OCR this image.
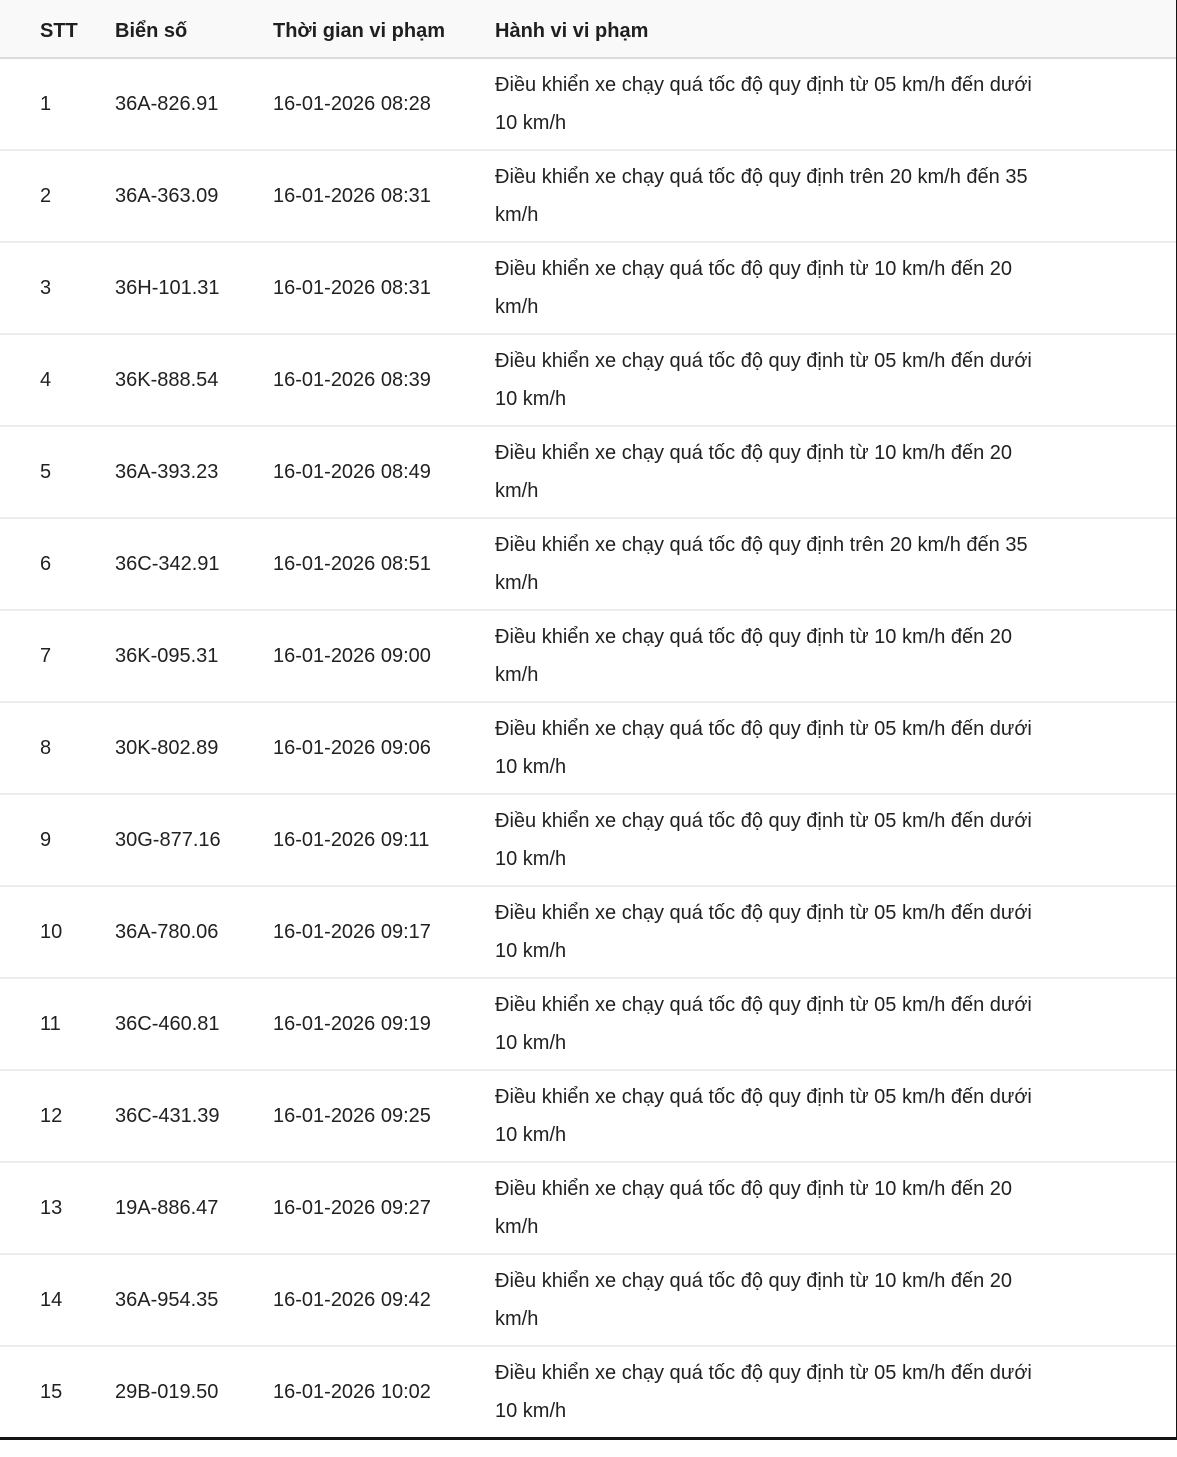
STT	Biển số	Thời gian vi phạm	Hành vi vi phạm
1	36A-826.91	16-01-2026 08:28	Điều khiển xe chạy quá tốc độ quy định từ 05 km/h đến dưới
10 km/h

2	36A-363.09	16-01-2026 08:31	Điều khiển xe chạy quá tốc độ quy định trên 20 km/h đến 35
km/h

3	36H-101.31	16-01-2026 08:31	Điều khiển xe chạy quá tốc độ quy định từ 10 km/h đến 20
km/h

4	36K-888.54	16-01-2026 08:39	Điều khiển xe chạy quá tốc độ quy định từ 05 km/h đến dưới
10 km/h

5	36A-393.23	16-01-2026 08:49	Điều khiển xe chạy quá tốc độ quy định từ 10 km/h đến 20
km/h

6	36C-342.91	16-01-2026 08:51	Điều khiển xe chạy quá tốc độ quy định trên 20 km/h đến 35
km/h

7	36K-095.31	16-01-2026 09:00	Điều khiển xe chạy quá tốc độ quy định từ 10 km/h đến 20
km/h

8	30K-802.89	16-01-2026 09:06	Điều khiển xe chạy quá tốc độ quy định từ 05 km/h đến dưới
10 km/h

9	30G-877.16	16-01-2026 09:11	Điều khiển xe chạy quá tốc độ quy định từ 05 km/h đến dưới
10 km/h

10	36A-780.06	16-01-2026 09:17	Điều khiển xe chạy quá tốc độ quy định từ 05 km/h đến dưới
10 km/h

11	36C-460.81	16-01-2026 09:19	Điều khiển xe chạy quá tốc độ quy định từ 05 km/h đến dưới
10 km/h

12	36C-431.39	16-01-2026 09:25	Điều khiển xe chạy quá tốc độ quy định từ 05 km/h đến dưới
10 km/h

13	19A-886.47	16-01-2026 09:27	Điều khiển xe chạy quá tốc độ quy định từ 10 km/h đến 20
km/h

14	36A-954.35	16-01-2026 09:42	Điều khiển xe chạy quá tốc độ quy định từ 10 km/h đến 20
km/h

15	29B-019.50	16-01-2026 10:02	Điều khiển xe chạy quá tốc độ quy định từ 05 km/h đến dưới
10 km/h
